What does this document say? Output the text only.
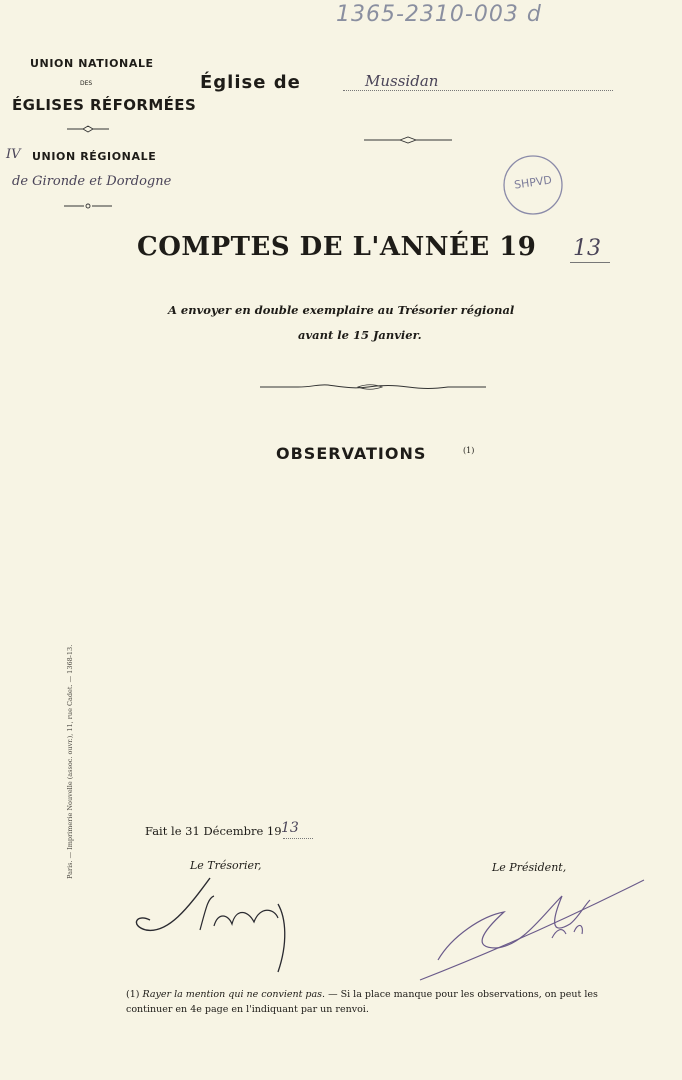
1365-2310-003 d
UNION NATIONALE
DES
ÉGLISES RÉFORMÉES
IV UNION RÉGIONALE
de Gironde et Dordogne
Église de	Mussidan
SHPVD
COMPTES DE L'ANNÉE 19 13
A envoyer en double exemplaire au Trésorier régional
avant le 15 Janvier.
OBSERVATIONS	(1)
Paris. — Imprimerie Nouvelle (assoc. ouvr.), 11, rue Cadet. — 1368-13.	Fait le 31 Décembre 19 13
Le Trésorier,	Le Président,
(1) Rayer la mention qui ne convient pas. — Si la place manque pour les observations, on peut les continuer en 4e page en l'indiquant par un renvoi.
